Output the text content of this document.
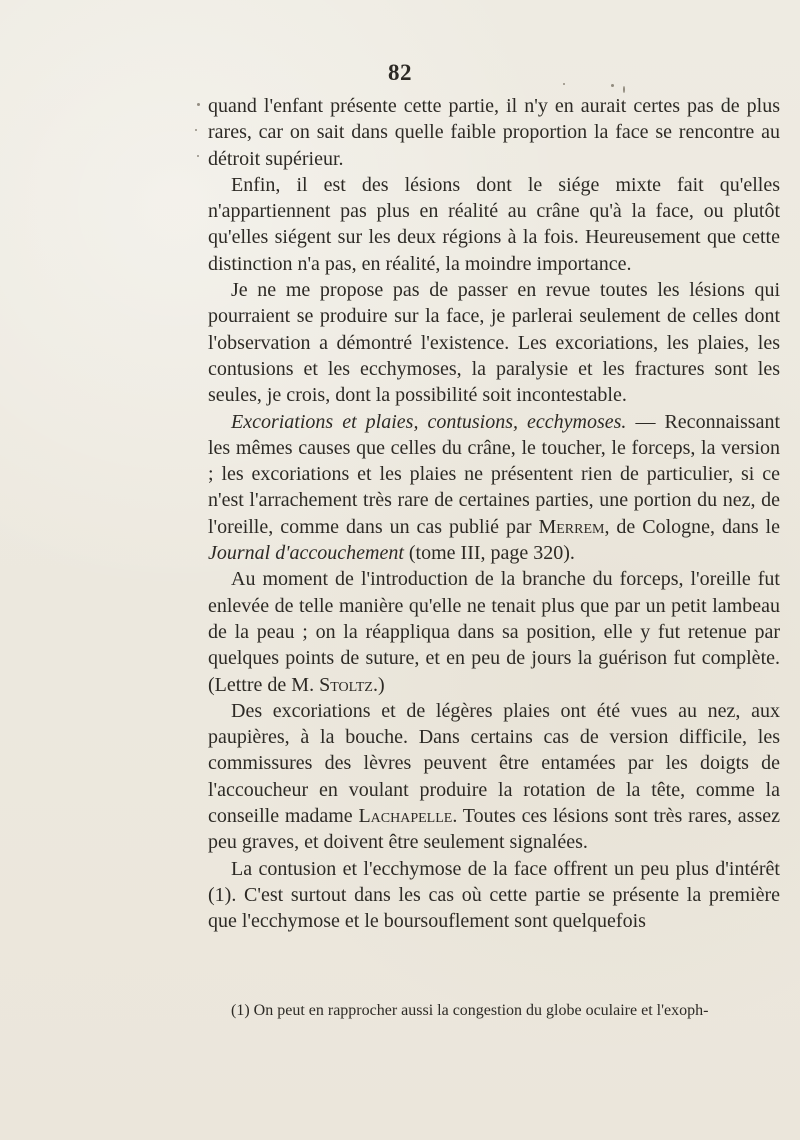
82

quand l'enfant présente cette partie, il n'y en aurait certes pas de plus rares, car on sait dans quelle faible proportion la face se rencontre au détroit supérieur.

Enfin, il est des lésions dont le siége mixte fait qu'elles n'appartiennent pas plus en réalité au crâne qu'à la face, ou plutôt qu'elles siégent sur les deux régions à la fois. Heureusement que cette distinction n'a pas, en réalité, la moindre importance.

Je ne me propose pas de passer en revue toutes les lésions qui pourraient se produire sur la face, je parlerai seulement de celles dont l'observation a démontré l'existence. Les excoriations, les plaies, les contusions et les ecchymoses, la paralysie et les fractures sont les seules, je crois, dont la possibilité soit incontestable.

Excoriations et plaies, contusions, ecchymoses. — Reconnaissant les mêmes causes que celles du crâne, le toucher, le forceps, la version ; les excoriations et les plaies ne présentent rien de particulier, si ce n'est l'arrachement très rare de certaines parties, une portion du nez, de l'oreille, comme dans un cas publié par Merrem, de Cologne, dans le Journal d'accouchement (tome III, page 320).

Au moment de l'introduction de la branche du forceps, l'oreille fut enlevée de telle manière qu'elle ne tenait plus que par un petit lambeau de la peau ; on la réappliqua dans sa position, elle y fut retenue par quelques points de suture, et en peu de jours la guérison fut complète. (Lettre de M. Stoltz.)

Des excoriations et de légères plaies ont été vues au nez, aux paupières, à la bouche. Dans certains cas de version difficile, les commissures des lèvres peuvent être entamées par les doigts de l'accoucheur en voulant produire la rotation de la tête, comme la conseille madame Lachapelle. Toutes ces lésions sont très rares, assez peu graves, et doivent être seulement signalées.

La contusion et l'ecchymose de la face offrent un peu plus d'intérêt (1). C'est surtout dans les cas où cette partie se présente la première que l'ecchymose et le boursouflement sont quelquefois

(1) On peut en rapprocher aussi la congestion du globe oculaire et l'exoph-
